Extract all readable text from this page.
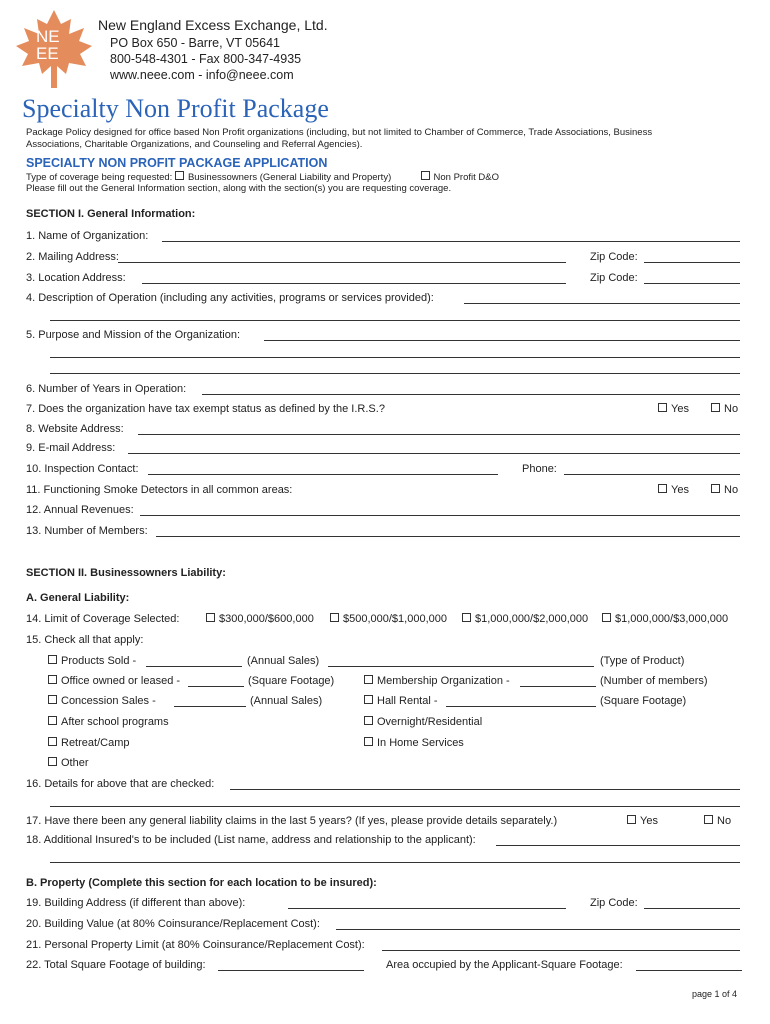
NE
EE
New England Excess Exchange, Ltd.
PO Box 650 - Barre, VT 05641
800-548-4301 - Fax 800-347-4935
www.neee.com - info@neee.com
Specialty Non Profit Package
Package Policy designed for office based Non Profit organizations (including, but not limited to Chamber of Commerce, Trade Associations, Business
Associations, Charitable Organizations, and Counseling and Referral Agencies).
SPECIALTY NON PROFIT PACKAGE APPLICATION
Type of coverage being requested: Businessowners (General Liability and Property)	Non Profit D&O
Please fill out the General Information section, along with the section(s) you are requesting coverage.
SECTION I. General Information:
1. Name of Organization:
2. Mailing Address:	Zip Code:
3. Location Address:	Zip Code:
4. Description of Operation (including any activities, programs or services provided):
5. Purpose and Mission of the Organization:
6. Number of Years in Operation:
7. Does the organization have tax exempt status as defined by the I.R.S.?	Yes	No
8. Website Address:
9. E-mail Address:
10. Inspection Contact:	Phone:
11. Functioning Smoke Detectors in all common areas:	Yes	No
12. Annual Revenues:
13. Number of Members:
SECTION II. Businessowners Liability:
A. General Liability:
14. Limit of Coverage Selected:	$300,000/$600,000	$500,000/$1,000,000	$1,000,000/$2,000,000	$1,000,000/$3,000,000
15. Check all that apply:
Products Sold -	(Annual Sales)	(Type of Product)
Office owned or leased -	(Square Footage)	Membership Organization -	(Number of members)
Concession Sales -	(Annual Sales)	Hall Rental -	(Square Footage)
After school programs	Overnight/Residential
Retreat/Camp	In Home Services
Other
16. Details for above that are checked:
17. Have there been any general liability claims in the last 5 years? (If yes, please provide details separately.)	Yes	No
18. Additional Insured's to be included (List name, address and relationship to the applicant):
B. Property (Complete this section for each location to be insured):
19. Building Address (if different than above):	Zip Code:
20. Building Value (at 80% Coinsurance/Replacement Cost):
21. Personal Property Limit (at 80% Coinsurance/Replacement Cost):
22. Total Square Footage of building:	Area occupied by the Applicant-Square Footage:
page 1 of 4
